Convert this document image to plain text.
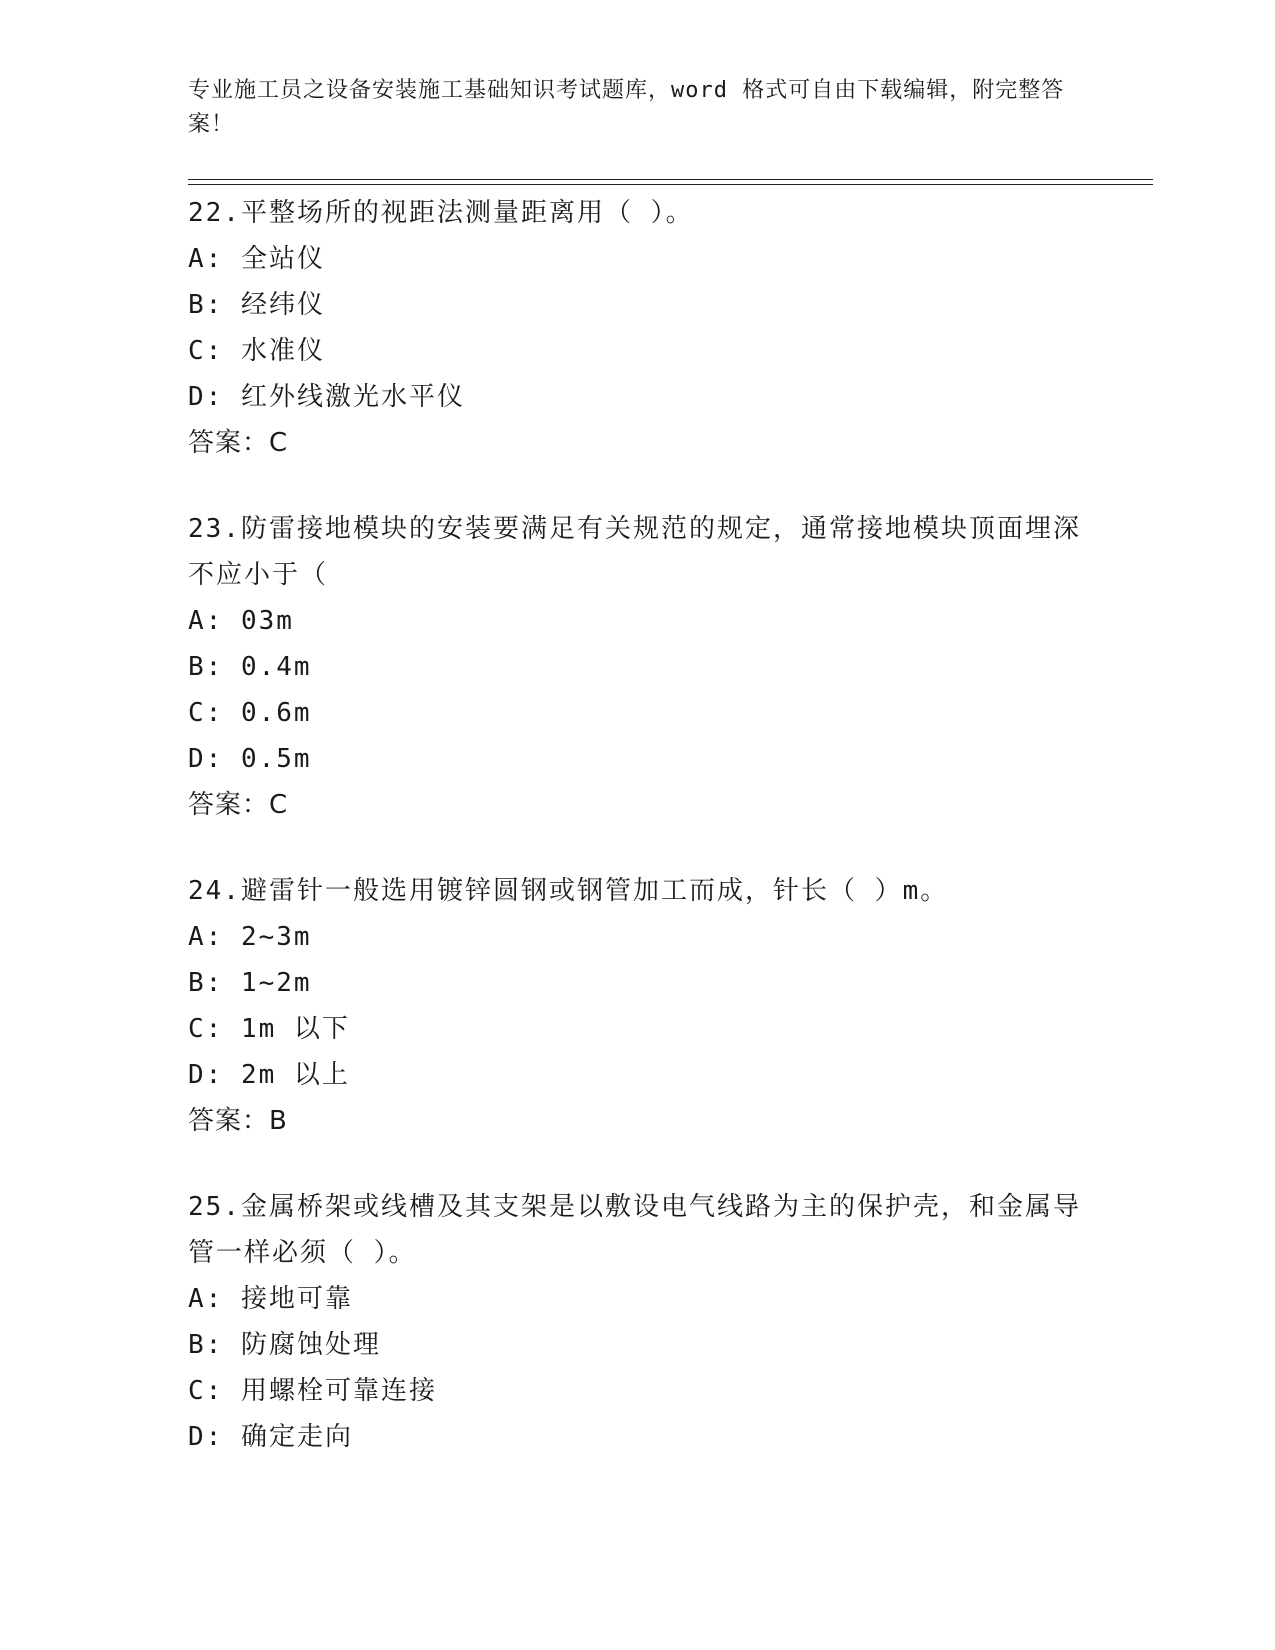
专业施工员之设备安装施工基础知识考试题库，word 格式可自由下载编辑，附完整答案！
22.平整场所的视距法测量距离用（ ）。
A: 全站仪
B: 经纬仪
C: 水准仪
D: 红外线激光水平仪
答案：C
23.防雷接地模块的安装要满足有关规范的规定，通常接地模块顶面埋深不应小于（
A: 03m
B: 0.4m
C: 0.6m
D: 0.5m
答案：C
24.避雷针一般选用镀锌圆钢或钢管加工而成，针长（ ）m。
A: 2~3m
B: 1~2m
C: 1m 以下
D: 2m 以上
答案：B
25.金属桥架或线槽及其支架是以敷设电气线路为主的保护壳，和金属导管一样必须（ ）。
A: 接地可靠
B: 防腐蚀处理
C: 用螺栓可靠连接
D: 确定走向
